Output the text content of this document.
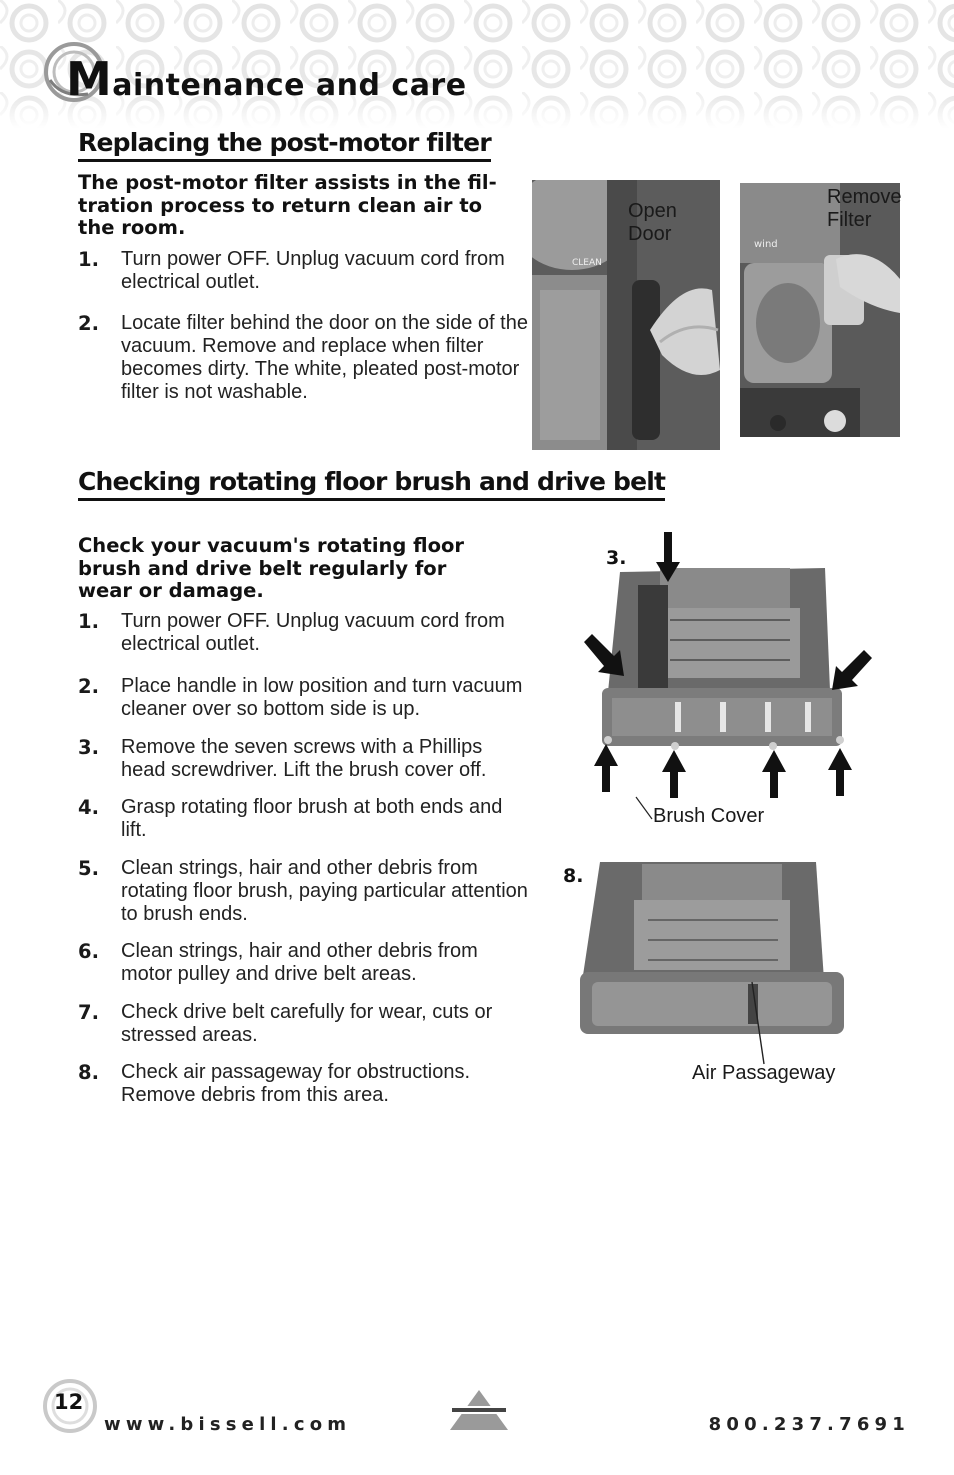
Maintenance and care
Replacing the post-motor filter

The post-motor filter assists in the fil-
tration process to return clean air to
the room.

1. Turn power OFF. Unplug vacuum cord from electrical outlet.
2. Locate filter behind the door on the side of the vacuum. Remove and replace when filter becomes dirty. The white, pleated post-motor filter is not washable.
CLEAN
Open
Door	wind
Remove
Filter
Checking rotating floor brush and drive belt

Check your vacuum's rotating floor
brush and drive belt regularly for
wear or damage.

1. Turn power OFF. Unplug vacuum cord from electrical outlet.
2. Place handle in low position and turn vacuum cleaner over so bottom side is up.
3. Remove the seven screws with a Phillips head screwdriver. Lift the brush cover off.
4. Grasp rotating floor brush at both ends and lift.
5. Clean strings, hair and other debris from rotating floor brush, paying particular attention to brush ends.
6. Clean strings, hair and other debris from motor pulley and drive belt areas.
7. Check drive belt carefully for wear, cuts or stressed areas.
8. Check air passageway for obstructions. Remove debris from this area.
3.
Brush Cover
8.
Air Passageway
12
www.bissell.com	800.237.7691
